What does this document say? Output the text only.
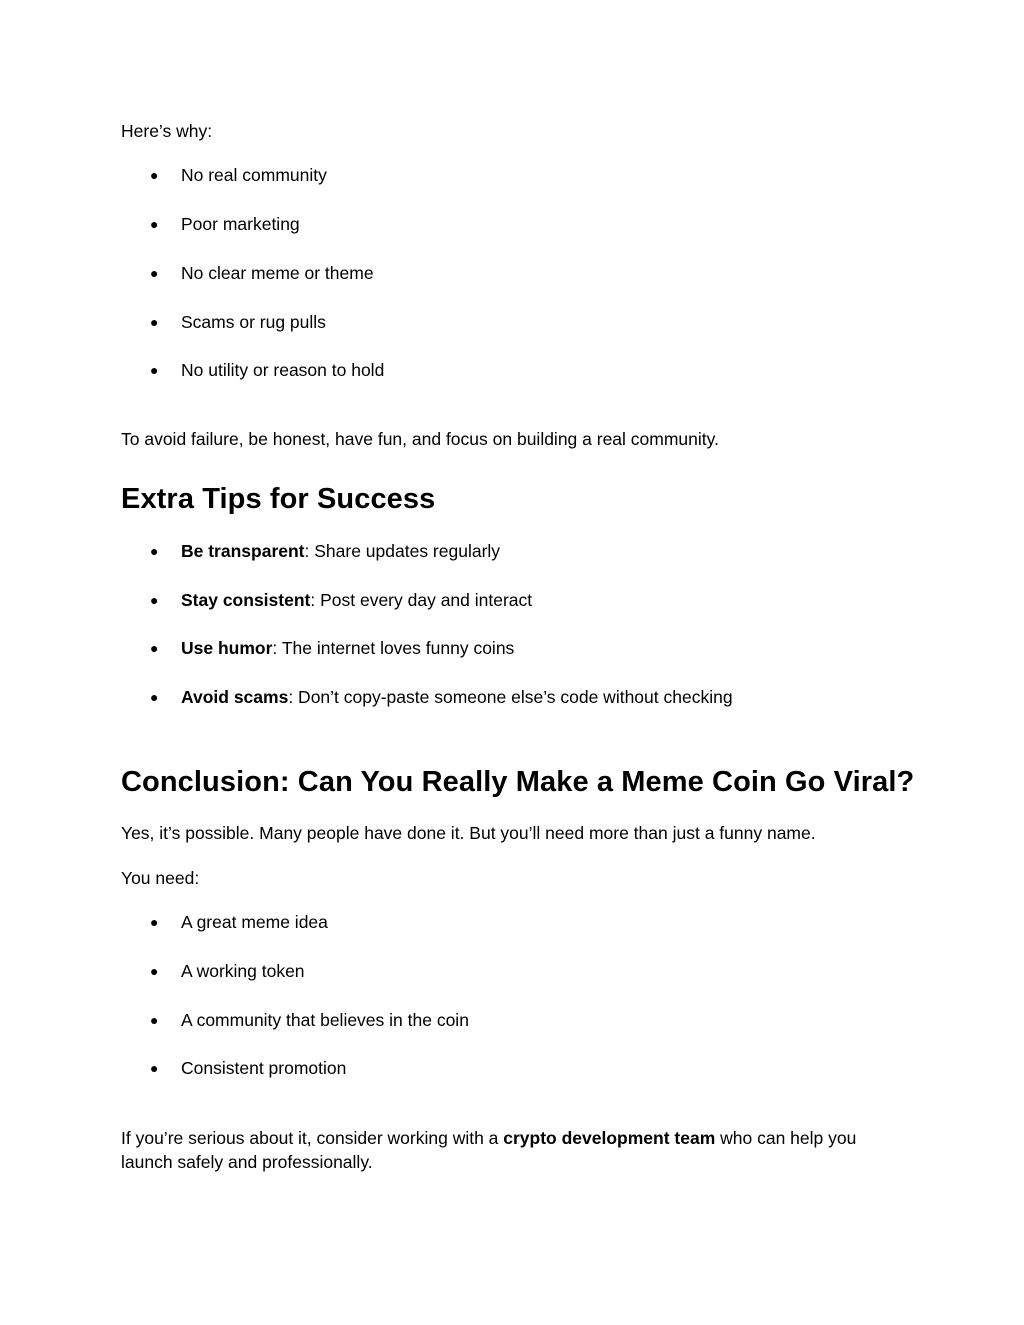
Here’s why:

●	No real community
●	Poor marketing
●	No clear meme or theme
●	Scams or rug pulls
●	No utility or reason to hold

To avoid failure, be honest, have fun, and focus on building a real community.

Extra Tips for Success
●	Be transparent: Share updates regularly
●	Stay consistent: Post every day and interact
●	Use humor: The internet loves funny coins
●	Avoid scams: Don’t copy-paste someone else’s code without checking
Conclusion: Can You Really Make a Meme Coin Go Viral?

Yes, it’s possible. Many people have done it. But you’ll need more than just a funny name.

You need:

●	A great meme idea
●	A working token
●	A community that believes in the coin
●	Consistent promotion

If you’re serious about it, consider working with a crypto development team who can help you launch safely and professionally.
